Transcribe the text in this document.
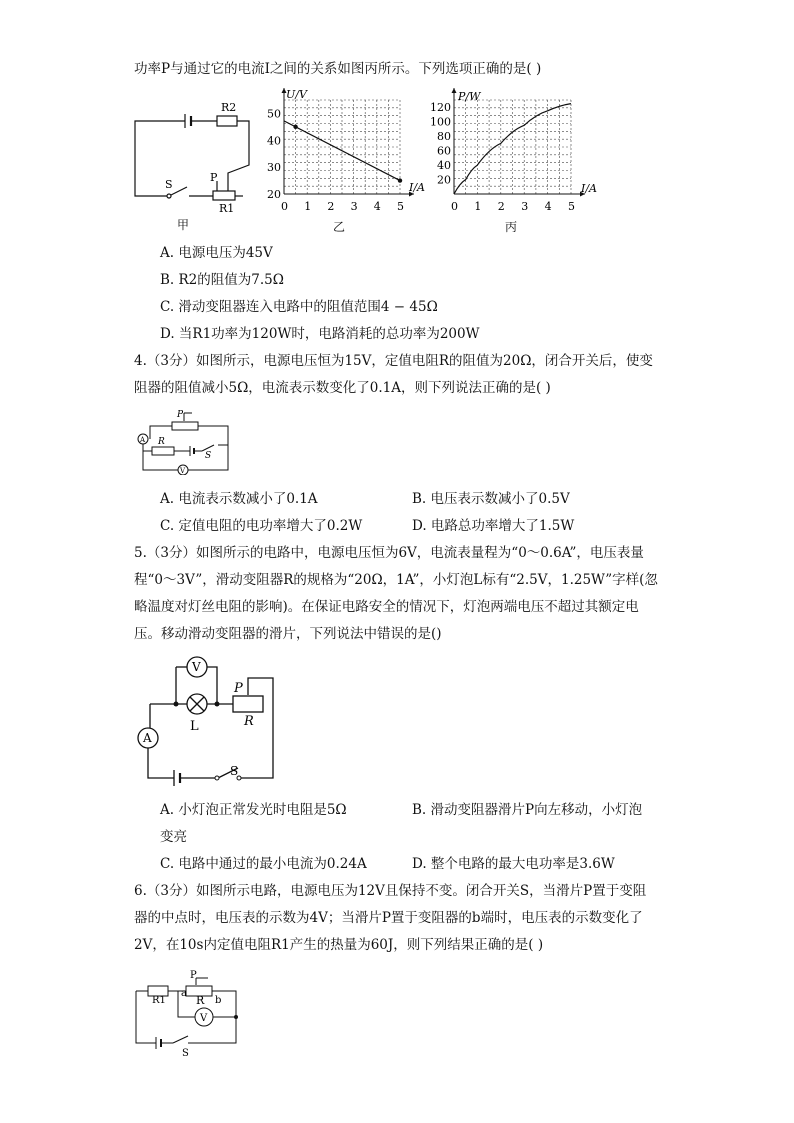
功率P与通过它的电流I之间的关系如图丙所示。下列选项正确的是( )
R2
S
P
R1
甲
U/V
I/A
0 1 2 3 4 5
20
30
40
50
乙
P/W
I/A
0 1 2 3 4 5
20
40
60
80
100
120
丙
A. 电源电压为45V
B. R2的阻值为7.5Ω
C. 滑动变阻器连入电路中的阻值范围4 − 45Ω
D. 当R1功率为120W时，电路消耗的总功率为200W
4.（3分）如图所示，电源电压恒为15V，定值电阻R的阻值为20Ω，闭合开关后，使变
阻器的阻值减小5Ω，电流表示数变化了0.1A，则下列说法正确的是( )
P
A R
S
V
A. 电流表示数减小了0.1A	B. 电压表示数减小了0.5V
C. 定值电阻的电功率增大了0.2W	D. 电路总功率增大了1.5W
5.（3分）如图所示的电路中，电源电压恒为6V，电流表量程为“0～0.6A”，电压表量
程“0～3V”，滑动变阻器R的规格为“20Ω，1A”，小灯泡L标有“2.5V，1.25W”字样(忽
略温度对灯丝电阻的影响)。在保证电路安全的情况下，灯泡两端电压不超过其额定电
压。移动滑动变阻器的滑片，下列说法中错误的是()
V
P
R
L
A
S
A. 小灯泡正常发光时电阻是5Ω	B. 滑动变阻器滑片P向左移动，小灯泡
变亮
C. 电路中通过的最小电流为0.24A	D. 整个电路的最大电功率是3.6W
6.（3分）如图所示电路，电源电压为12V且保持不变。闭合开关S，当滑片P置于变阻
器的中点时，电压表的示数为4V；当滑片P置于变阻器的b端时，电压表的示数变化了
2V，在10s内定值电阻R1产生的热量为60J，则下列结果正确的是( )
R1
P
a
R b
V
S
